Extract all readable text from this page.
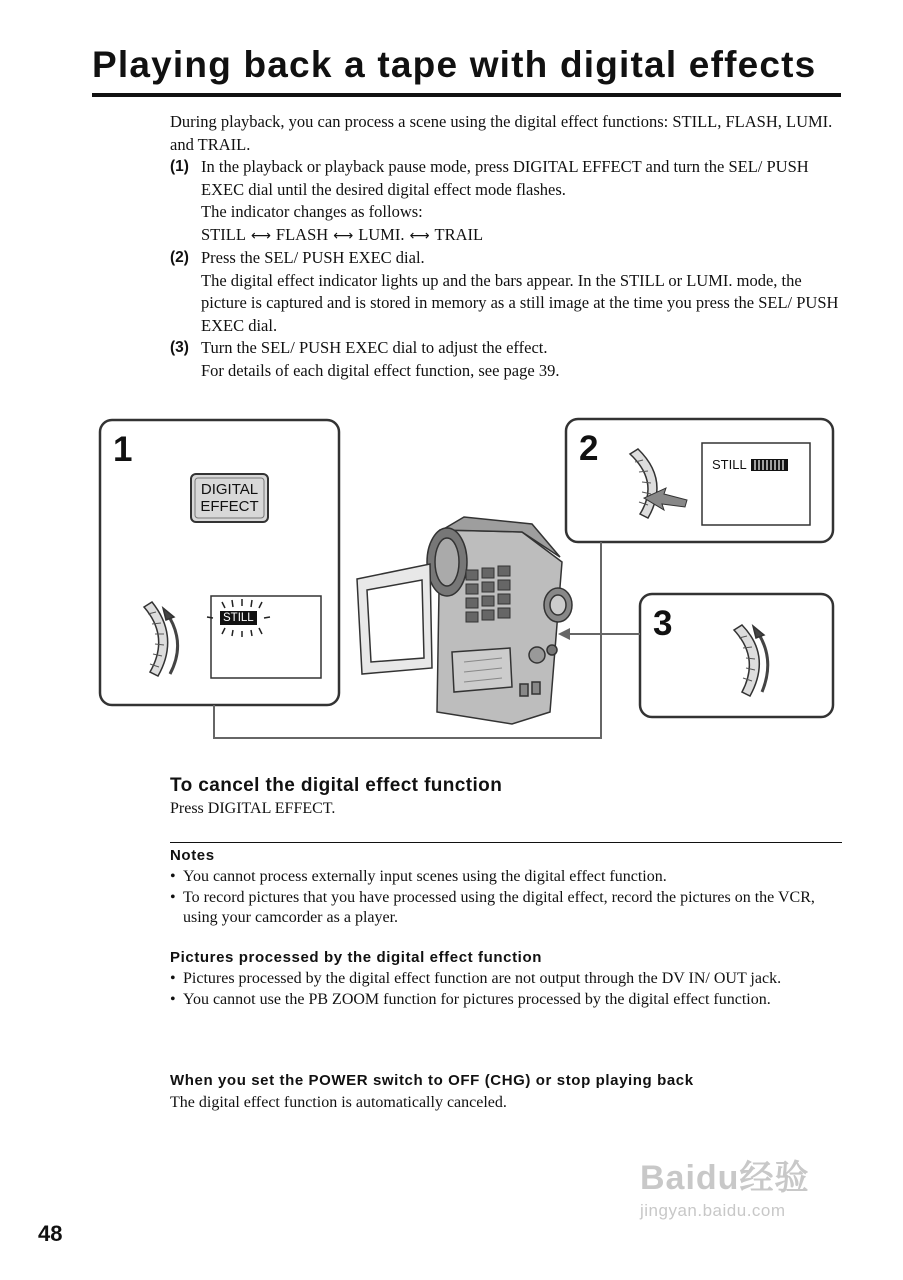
Playing back a tape with digital effects
During playback, you can process a scene using the digital effect functions: STILL, FLASH, LUMI. and TRAIL.
(1) In the playback or playback pause mode, press DIGITAL EFFECT and turn the SEL/ PUSH EXEC dial until the desired digital effect mode flashes.
The indicator changes as follows:
STILL ⟷ FLASH ⟷ LUMI. ⟷ TRAIL
(2) Press the SEL/ PUSH EXEC dial.
The digital effect indicator lights up and the bars appear. In the STILL or LUMI. mode, the picture is captured and is stored in memory as a still image at the time you press the SEL/ PUSH EXEC dial.
(3) Turn the SEL/ PUSH EXEC dial to adjust the effect.
For details of each digital effect function, see page 39.
1	2
3
DIGITAL
EFFECT
STILL
STILL
To cancel the digital effect function

Press DIGITAL EFFECT.

Notes
• You cannot process externally input scenes using the digital effect function.
• To record pictures that you have processed using the digital effect, record the pictures on the VCR, using your camcorder as a player.
Pictures processed by the digital effect function
• Pictures processed by the digital effect function are not output through the DV IN/ OUT jack.
• You cannot use the PB ZOOM function for pictures processed by the digital effect function.
When you set the POWER switch to OFF (CHG) or stop playing back

The digital effect function is automatically canceled.

48
Baidu经验
jingyan.baidu.com
